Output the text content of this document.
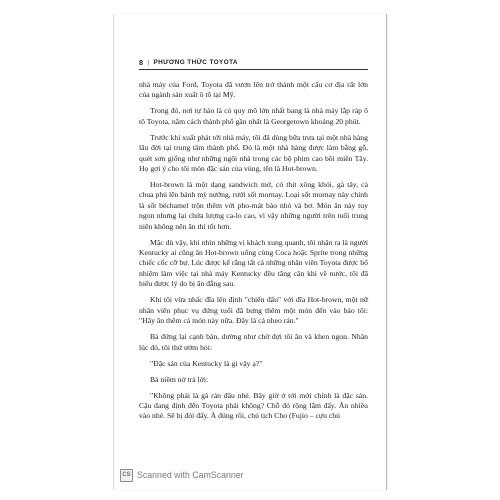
8 | PHƯƠNG THỨC TOYOTA

nhà máy của Ford, Toyota đã vươn lên trở thành một cấu cơ địa rất lớn của ngành sản xuất ô tô tại Mỹ.

Trong đó, nơi tự hào là có quy mô lớn nhất bang là nhà máy lắp ráp ô tô Toyota, nằm cách thành phố gần nhất là Georgetown khoảng 20 phút.

Trước khi xuất phát tới nhà máy, tôi đã dùng bữa trưa tại một nhà hàng lâu đời tại trung tâm thành phố. Đó là một nhà hàng được làm bằng gỗ, quét sơn giống như những ngôi nhà trong các bộ phim cao bồi miền Tây. Họ gợi ý cho tôi món đặc sản của vùng, tên là Hot-brown.

Hot-brown là một dạng sandwich mở, có thịt xông khói, gà tây, cà chua phủ lên bánh mỳ nướng, rưới sốt mornay. Loại sốt mornay này chính là sốt béchamel trộn thêm với pho-mát bào nhỏ và bơ. Món ăn này tuy ngon nhưng lại chứa lượng ca-lo cao, vì vậy những người trên tuổi trung niên không nên ăn thì tốt hơn.

Mặc dù vậy, khi nhìn những vị khách xung quanh, tôi nhận ra là người Kentucky ai cũng ăn Hot-brown uống cùng Coca hoặc Sprite trong những chiếc cốc cỡ bự. Lúc được kể rằng tất cả những nhân viên Toyota được bổ nhiệm làm việc tại nhà máy Kentucky đều tăng cân khi về nước, tôi đã hiểu được lý do bị ăn đẫng sau.

Khi tôi vừa nhấc đĩa lên định "chiến đấu" với đĩa Hot-brown, một nữ nhân viên phục vụ đứng tuổi đã bưng thêm một món đến vào bảo tôi: "Hãy ăn thêm cả món này nữa. Đây là cá nheo rán."

Bà đứng lại cạnh bàn, dường như chờ đợi tôi ăn và khen ngon. Nhân lúc đó, tôi thử ướm hỏi:

"Đặc sản của Kentucky là gì vậy ạ?"

Bà niềm nở trả lời:

"Không phải là gà rán đâu nhé. Bây giờ ở tới mới chính là đặc sản. Cậu đang định đến Toyota phải không? Chỗ đó rộng lắm đấy. Ăn nhiều vào nhé. Sẽ bị đói đấy. À đúng rồi, chủ tịch Cho (Fujio – cựu chủ

CS Scanned with CamScanner
